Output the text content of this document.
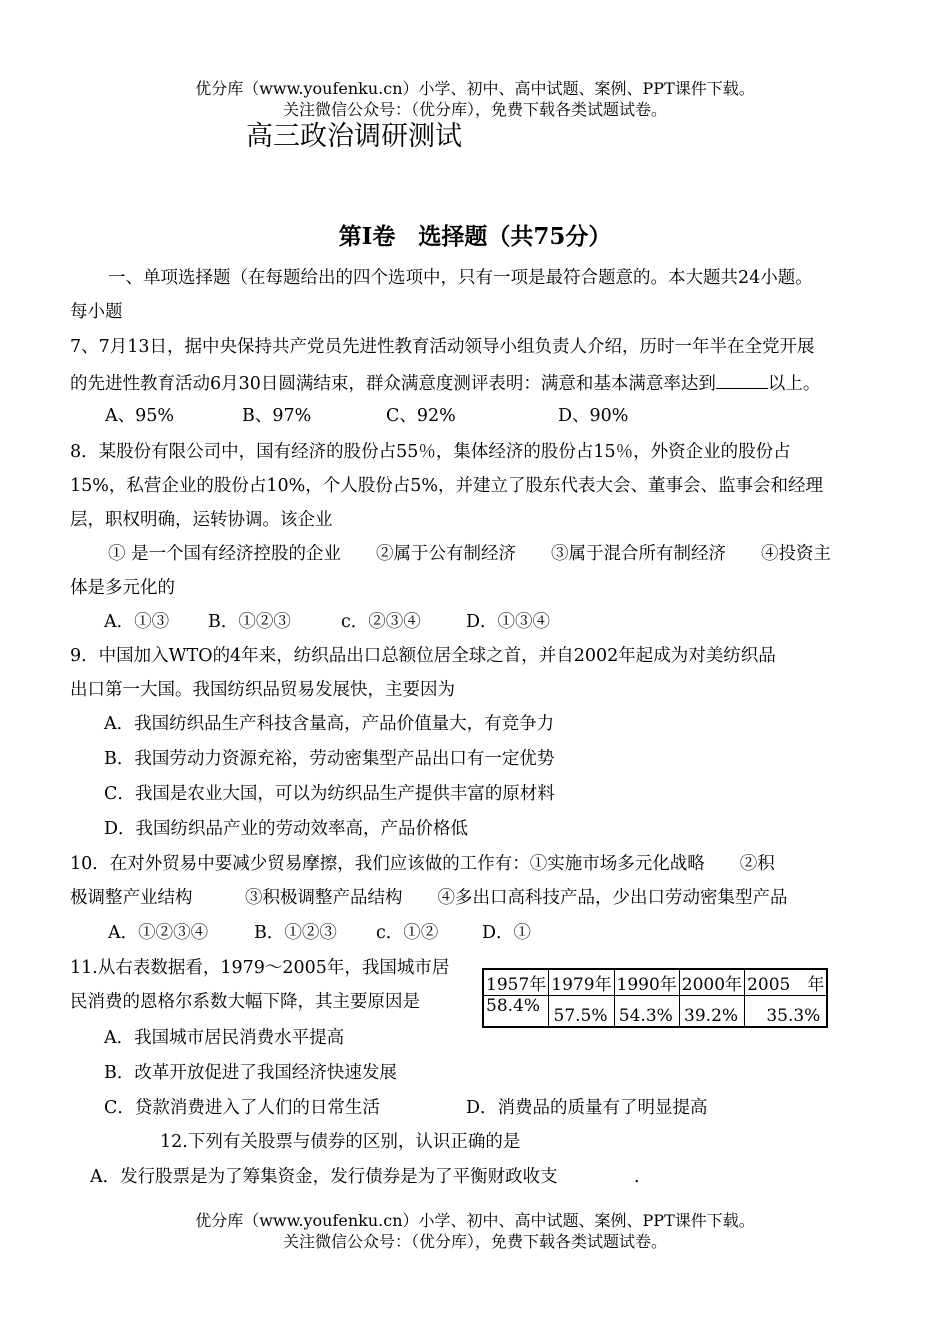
优分库（www.youfenku.cn）小学、初中、高中试题、案例、PPT课件下载。
关注微信公众号：（优分库），免费下载各类试题试卷。
高三政治调研测试
第Ⅰ卷　选择题（共75分）
一、单项选择题（在每题给出的四个选项中，只有一项是最符合题意的。本大题共24小题。
每小题
7、7月13日，据中央保持共产党员先进性教育活动领导小组负责人介绍，历时一年半在全党开展
的先进性教育活动6月30日圆满结束，群众满意度测评表明：满意和基本满意率达到	以上。
A、95%	B、97%	C、92%	D、90%
8．某股份有限公司中，国有经济的股份占55％，集体经济的股份占15％，外资企业的股份占
15%，私营企业的股份占10%，个人股份占5%，并建立了股东代表大会、董事会、监事会和经理
层，职权明确，运转协调。该企业
① 是一个国有经济控股的企业　　②属于公有制经济　　③属于混合所有制经济　　④投资主
体是多元化的
A．①③ B．①②③	c．②③④	D．①③④
9．中国加入WTO的4年来，纺织品出口总额位居全球之首，并自2002年起成为对美纺织品
出口第一大国。我国纺织品贸易发展快，主要因为
A．我国纺织品生产科技含量高，产品价值量大，有竞争力
B．我国劳动力资源充裕，劳动密集型产品出口有一定优势
C．我国是农业大国，可以为纺织品生产提供丰富的原材料
D．我国纺织品产业的劳动效率高，产品价格低
10．在对外贸易中要减少贸易摩擦，我们应该做的工作有：①实施市场多元化战略　　②积
极调整产业结构　　　③积极调整产品结构　　④多出口高科技产品，少出口劳动密集型产品
A．①②③④	B．①②③ c．①② D．①
11.从右表数据看，1979～2005年，我国城市居
民消费的恩格尔系数大幅下降，其主要原因是
1957年	1979年	1990年	2000年	2005　年
58.4%	57.5%	54.3%	39.2%	35.3%
A．我国城市居民消费水平提高
B．改革开放促进了我国经济快速发展
C．贷款消费进入了人们的日常生活	D．消费品的质量有了明显提高
12.下列有关股票与债券的区别，认识正确的是
A．发行股票是为了筹集资金，发行债券是为了平衡财政收支	.
优分库（www.youfenku.cn）小学、初中、高中试题、案例、PPT课件下载。
关注微信公众号：（优分库），免费下载各类试题试卷。
